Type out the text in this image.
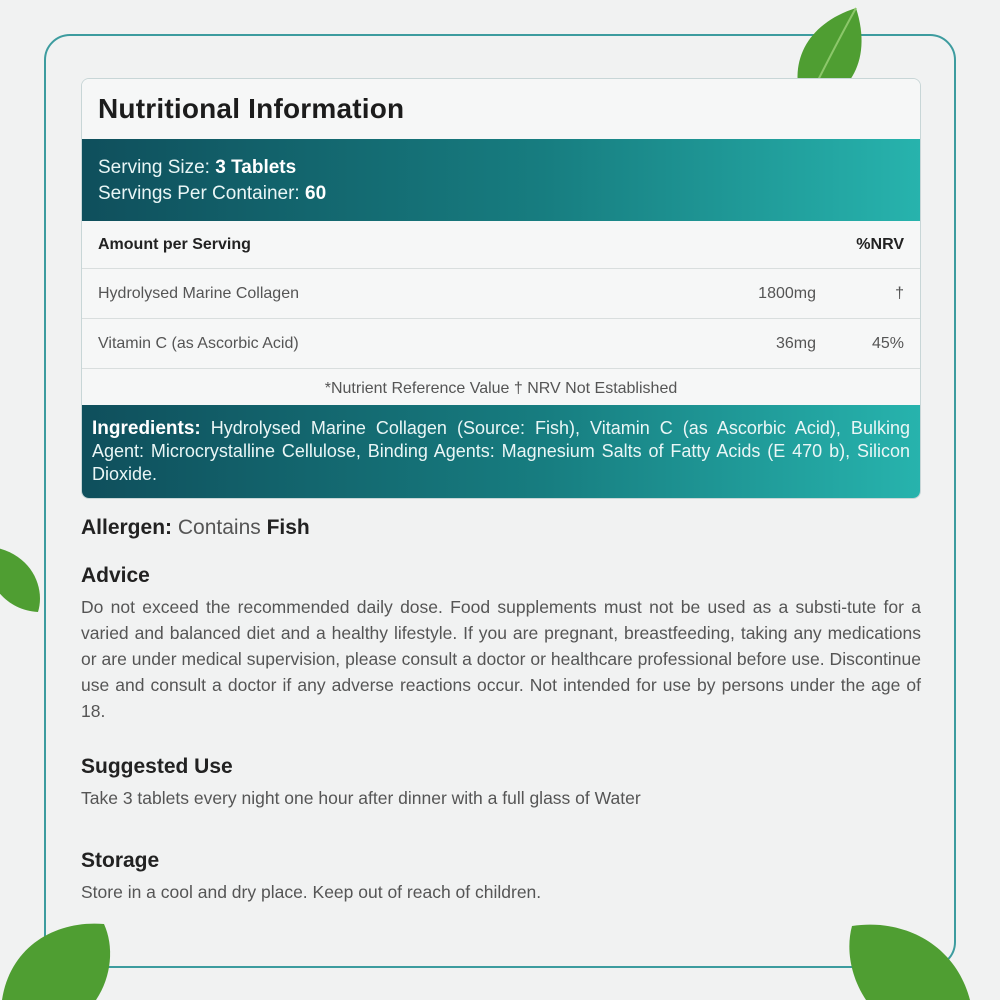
Nutritional Information
Serving Size: 3 Tablets
Servings Per Container: 60
Amount per Serving	%NRV
Hydrolysed Marine Collagen	1800mg	†
Vitamin C (as Ascorbic Acid)	36mg	45%
*Nutrient Reference Value † NRV Not Established
Ingredients: Hydrolysed Marine Collagen (Source: Fish), Vitamin C (as Ascorbic Acid), Bulking Agent: Microcrystalline Cellulose, Binding Agents: Magnesium Salts of Fatty Acids (E 470 b), Silicon Dioxide.
Allergen: Contains Fish
Advice
Do not exceed the recommended daily dose. Food supplements must not be used as a substi-tute for a varied and balanced diet and a healthy lifestyle. If you are pregnant, breastfeeding, taking any medications or are under medical supervision, please consult a doctor or healthcare professional before use. Discontinue use and consult a doctor if any adverse reactions occur. Not intended for use by persons under the age of 18.
Suggested Use
Take 3 tablets every night one hour after dinner with a full glass of Water
Storage
Store in a cool and dry place. Keep out of reach of children.
